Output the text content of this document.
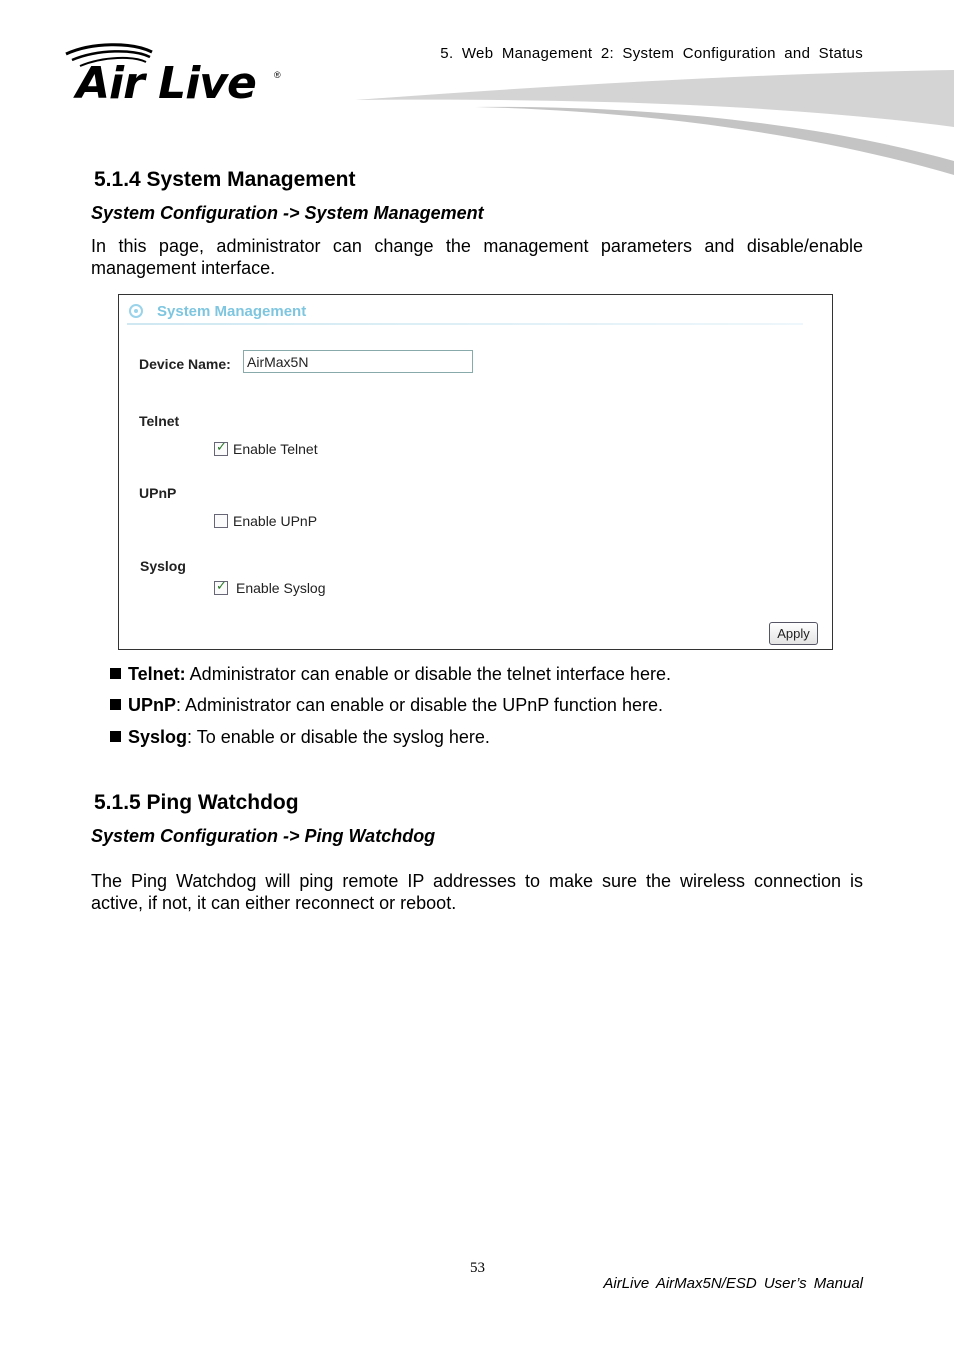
5. Web Management 2: System Configuration and Status
Air Live ®
5.1.4 System Management
System Configuration -> System Management
In this page, administrator can change the management parameters and disable/enable management interface.
System Management
Device Name:
AirMax5N
Telnet
✓
Enable Telnet
UPnP
Enable UPnP
Syslog
✓
Enable Syslog
Apply
Telnet: Administrator can enable or disable the telnet interface here.
UPnP: Administrator can enable or disable the UPnP function here.
Syslog: To enable or disable the syslog here.
5.1.5 Ping Watchdog
System Configuration -> Ping Watchdog
The Ping Watchdog will ping remote IP addresses to make sure the wireless connection is active, if not, it can either reconnect or reboot.
53
AirLive AirMax5N/ESD User’s Manual
